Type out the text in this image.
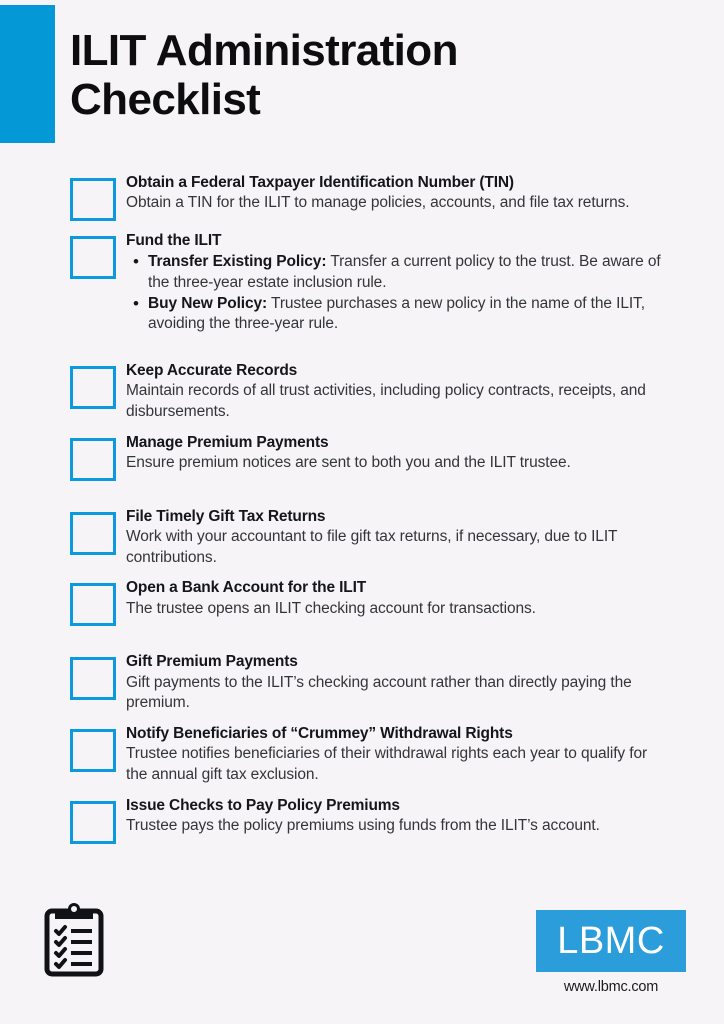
ILIT Administration
Checklist
Obtain a Federal Taxpayer Identification Number (TIN)
Obtain a TIN for the ILIT to manage policies, accounts, and file tax returns.
Fund the ILIT
• Transfer Existing Policy: Transfer a current policy to the trust. Be aware of the three-year estate inclusion rule.
• Buy New Policy: Trustee purchases a new policy in the name of the ILIT, avoiding the three-year rule.
Keep Accurate Records
Maintain records of all trust activities, including policy contracts, receipts, and disbursements.
Manage Premium Payments
Ensure premium notices are sent to both you and the ILIT trustee.
File Timely Gift Tax Returns
Work with your accountant to file gift tax returns, if necessary, due to ILIT contributions.
Open a Bank Account for the ILIT
The trustee opens an ILIT checking account for transactions.
Gift Premium Payments
Gift payments to the ILIT’s checking account rather than directly paying the premium.
Notify Beneficiaries of “Crummey” Withdrawal Rights
Trustee notifies beneficiaries of their withdrawal rights each year to qualify for the annual gift tax exclusion.
Issue Checks to Pay Policy Premiums
Trustee pays the policy premiums using funds from the ILIT’s account.
LBMC
www.lbmc.com
